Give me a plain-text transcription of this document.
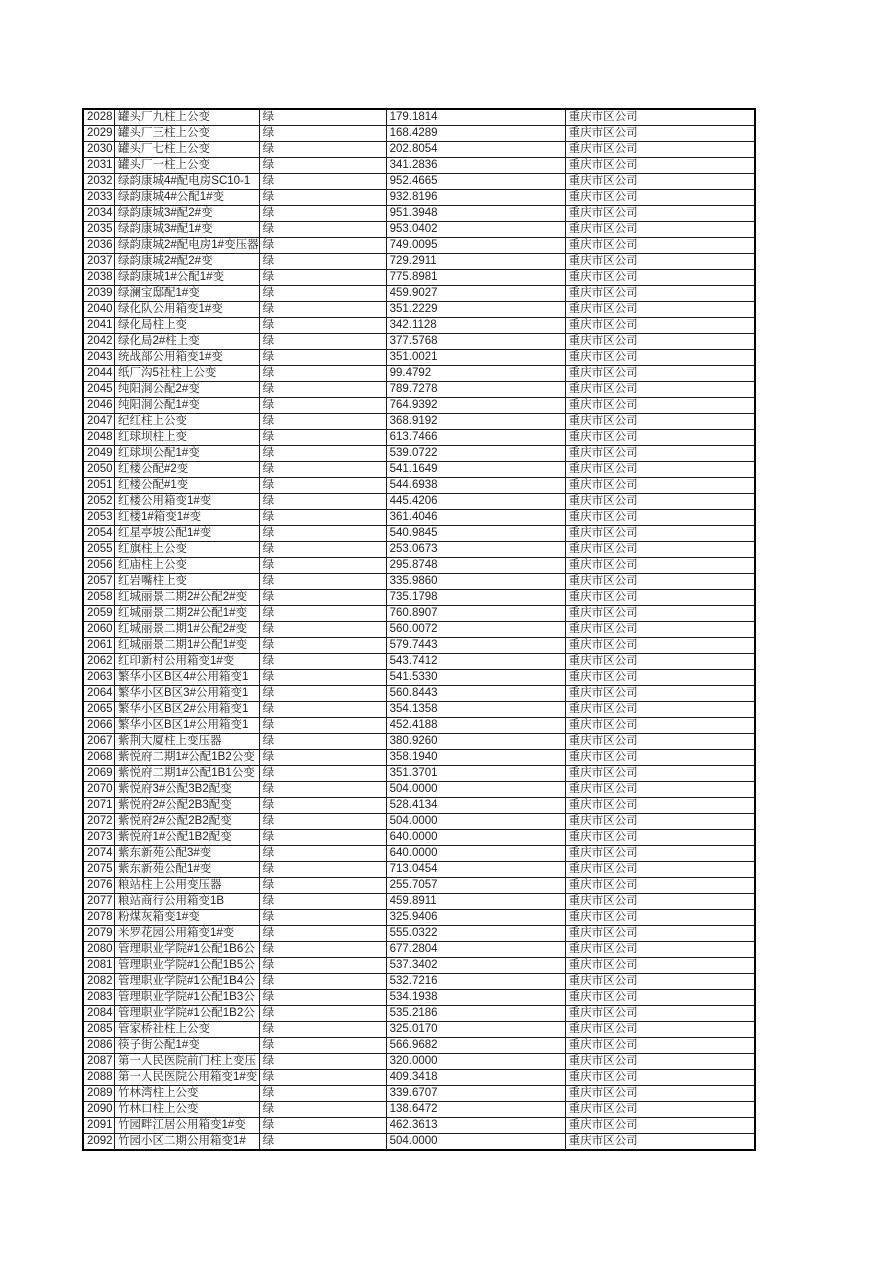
2028	罐头厂九柱上公变	绿	179.1814	重庆市区公司
2029	罐头厂三柱上公变	绿	168.4289	重庆市区公司
2030	罐头厂七柱上公变	绿	202.8054	重庆市区公司
2031	罐头厂一柱上公变	绿	341.2836	重庆市区公司
2032	绿韵康城4#配电房SC10-1	绿	952.4665	重庆市区公司
2033	绿韵康城4#公配1#变	绿	932.8196	重庆市区公司
2034	绿韵康城3#配2#变	绿	951.3948	重庆市区公司
2035	绿韵康城3#配1#变	绿	953.0402	重庆市区公司
2036	绿韵康城2#配电房1#变压器	绿	749.0095	重庆市区公司
2037	绿韵康城2#配2#变	绿	729.2911	重庆市区公司
2038	绿韵康城1#公配1#变	绿	775.8981	重庆市区公司
2039	绿澜宝邸配1#变	绿	459.9027	重庆市区公司
2040	绿化队公用箱变1#变	绿	351.2229	重庆市区公司
2041	绿化局柱上变	绿	342.1128	重庆市区公司
2042	绿化局2#柱上变	绿	377.5768	重庆市区公司
2043	统战部公用箱变1#变	绿	351.0021	重庆市区公司
2044	纸厂沟5社柱上公变	绿	99.4792	重庆市区公司
2045	纯阳洞公配2#变	绿	789.7278	重庆市区公司
2046	纯阳洞公配1#变	绿	764.9392	重庆市区公司
2047	纪红柱上公变	绿	368.9192	重庆市区公司
2048	红球坝柱上变	绿	613.7466	重庆市区公司
2049	红球坝公配1#变	绿	539.0722	重庆市区公司
2050	红楼公配#2变	绿	541.1649	重庆市区公司
2051	红楼公配#1变	绿	544.6938	重庆市区公司
2052	红楼公用箱变1#变	绿	445.4206	重庆市区公司
2053	红楼1#箱变1#变	绿	361.4046	重庆市区公司
2054	红星亭坡公配1#变	绿	540.9845	重庆市区公司
2055	红旗柱上公变	绿	253.0673	重庆市区公司
2056	红庙柱上公变	绿	295.8748	重庆市区公司
2057	红岩嘴柱上变	绿	335.9860	重庆市区公司
2058	红城丽景二期2#公配2#变	绿	735.1798	重庆市区公司
2059	红城丽景二期2#公配1#变	绿	760.8907	重庆市区公司
2060	红城丽景二期1#公配2#变	绿	560.0072	重庆市区公司
2061	红城丽景二期1#公配1#变	绿	579.7443	重庆市区公司
2062	红印新村公用箱变1#变	绿	543.7412	重庆市区公司
2063	繁华小区B区4#公用箱变1	绿	541.5330	重庆市区公司
2064	繁华小区B区3#公用箱变1	绿	560.8443	重庆市区公司
2065	繁华小区B区2#公用箱变1	绿	354.1358	重庆市区公司
2066	繁华小区B区1#公用箱变1	绿	452.4188	重庆市区公司
2067	紫荆大厦柱上变压器	绿	380.9260	重庆市区公司
2068	紫悦府二期1#公配1B2公变	绿	358.1940	重庆市区公司
2069	紫悦府二期1#公配1B1公变	绿	351.3701	重庆市区公司
2070	紫悦府3#公配3B2配变	绿	504.0000	重庆市区公司
2071	紫悦府2#公配2B3配变	绿	528.4134	重庆市区公司
2072	紫悦府2#公配2B2配变	绿	504.0000	重庆市区公司
2073	紫悦府1#公配1B2配变	绿	640.0000	重庆市区公司
2074	紫东新苑公配3#变	绿	640.0000	重庆市区公司
2075	紫东新苑公配1#变	绿	713.0454	重庆市区公司
2076	粮站柱上公用变压器	绿	255.7057	重庆市区公司
2077	粮站商行公用箱变1B	绿	459.8911	重庆市区公司
2078	粉煤灰箱变1#变	绿	325.9406	重庆市区公司
2079	米罗花园公用箱变1#变	绿	555.0322	重庆市区公司
2080	管理职业学院#1公配1B6公	绿	677.2804	重庆市区公司
2081	管理职业学院#1公配1B5公	绿	537.3402	重庆市区公司
2082	管理职业学院#1公配1B4公	绿	532.7216	重庆市区公司
2083	管理职业学院#1公配1B3公	绿	534.1938	重庆市区公司
2084	管理职业学院#1公配1B2公	绿	535.2186	重庆市区公司
2085	管家桥社柱上公变	绿	325.0170	重庆市区公司
2086	筷子街公配1#变	绿	566.9682	重庆市区公司
2087	第一人民医院前门柱上变压	绿	320.0000	重庆市区公司
2088	第一人民医院公用箱变1#变	绿	409.3418	重庆市区公司
2089	竹林湾柱上公变	绿	339.6707	重庆市区公司
2090	竹林口柱上公变	绿	138.6472	重庆市区公司
2091	竹园畔江居公用箱变1#变	绿	462.3613	重庆市区公司
2092	竹园小区二期公用箱变1#	绿	504.0000	重庆市区公司
